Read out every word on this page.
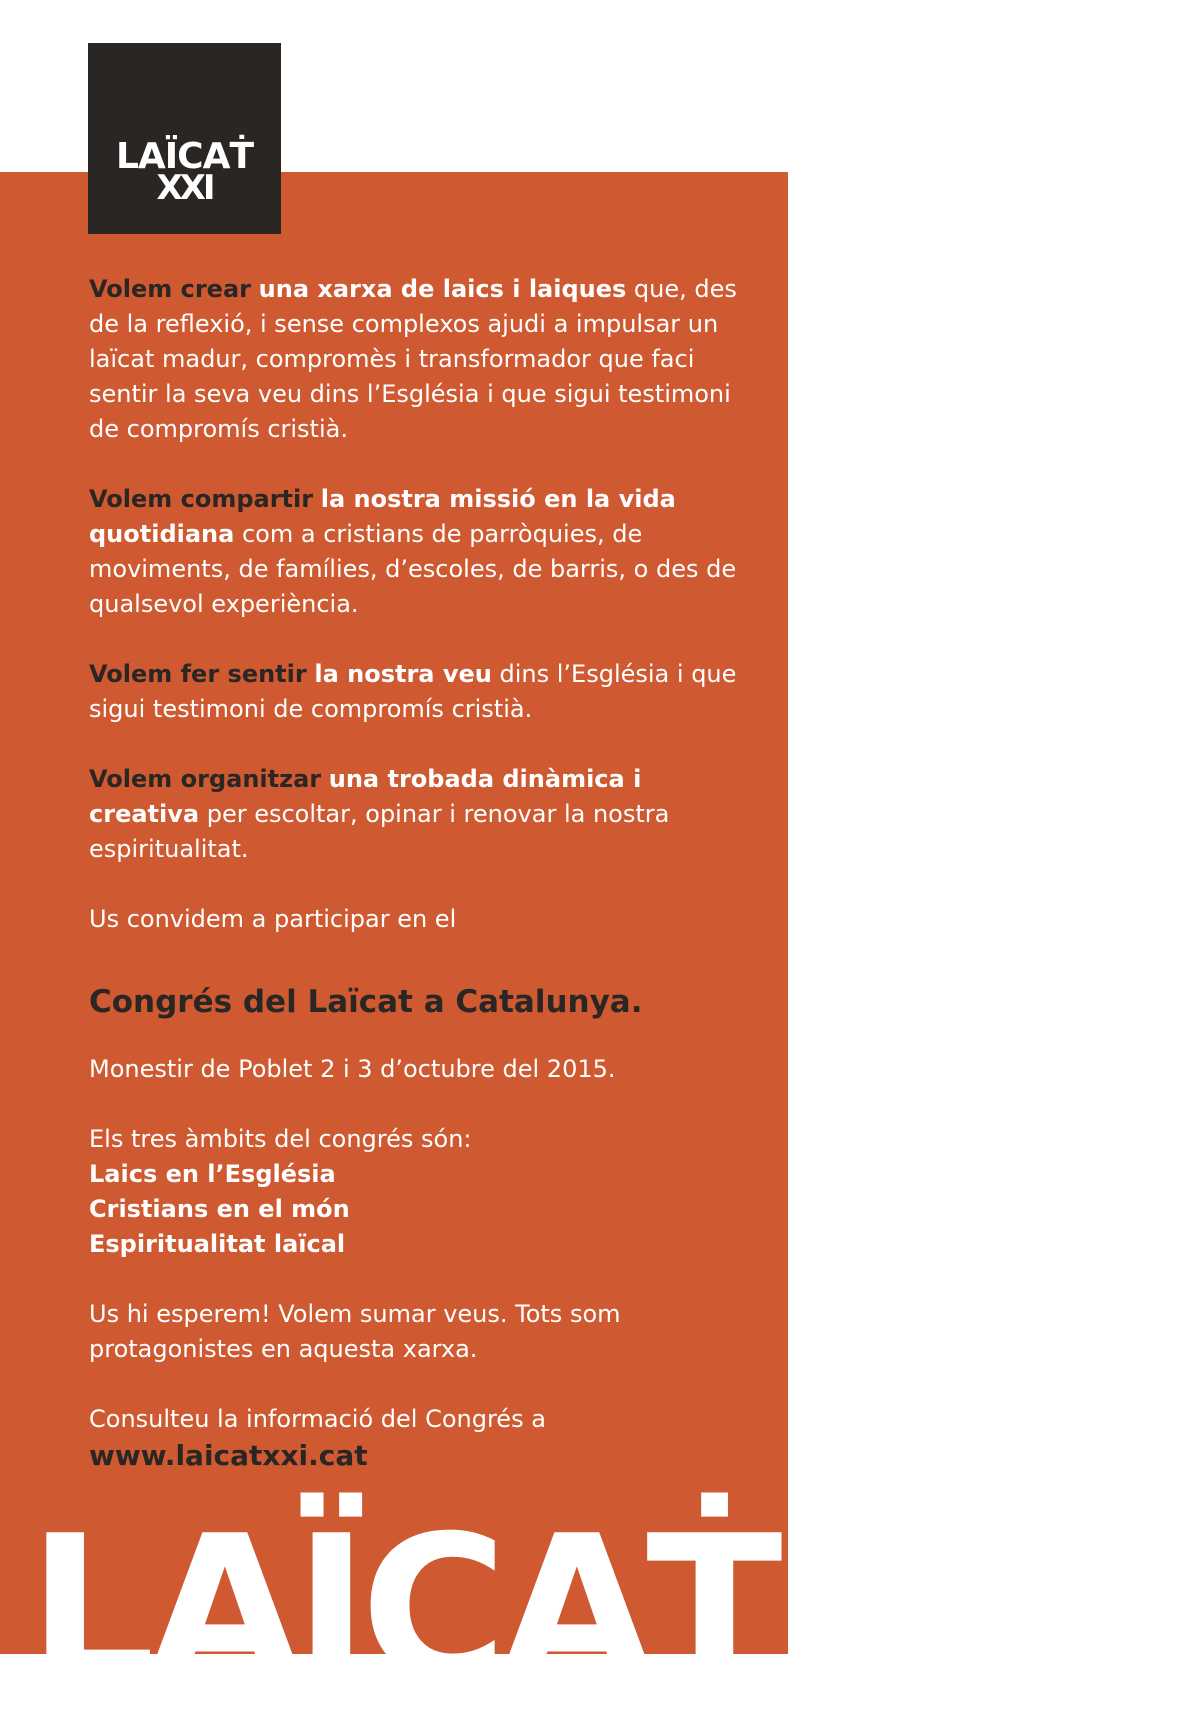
LAÏCAṪ
XXI

Volem crear una xarxa de laics i laiques que, des de la reflexió, i sense complexos ajudi a impulsar un laïcat madur, compromès i transformador que faci sentir la seva veu dins l’Església i que sigui testimoni de compromís cristià.

Volem compartir la nostra missió en la vida quotidiana com a cristians de parròquies, de moviments, de famílies, d’escoles, de barris, o des de qualsevol experiència.

Volem fer sentir la nostra veu dins l’Església i que sigui testimoni de compromís cristià.

Volem organitzar una trobada dinàmica i creativa per escoltar, opinar i renovar la nostra espiritualitat.

Us convidem a participar en el

Congrés del Laïcat a Catalunya.

Monestir de Poblet 2 i 3 d’octubre del 2015.

Els tres àmbits del congrés són:
Laics en l’Església
Cristians en el món
Espiritualitat laïcal

Us hi esperem! Volem sumar veus. Tots som protagonistes en aquesta xarxa.

Consulteu la informació del Congrés a
www.laicatxxi.cat

LAÏCAṪ XXI
